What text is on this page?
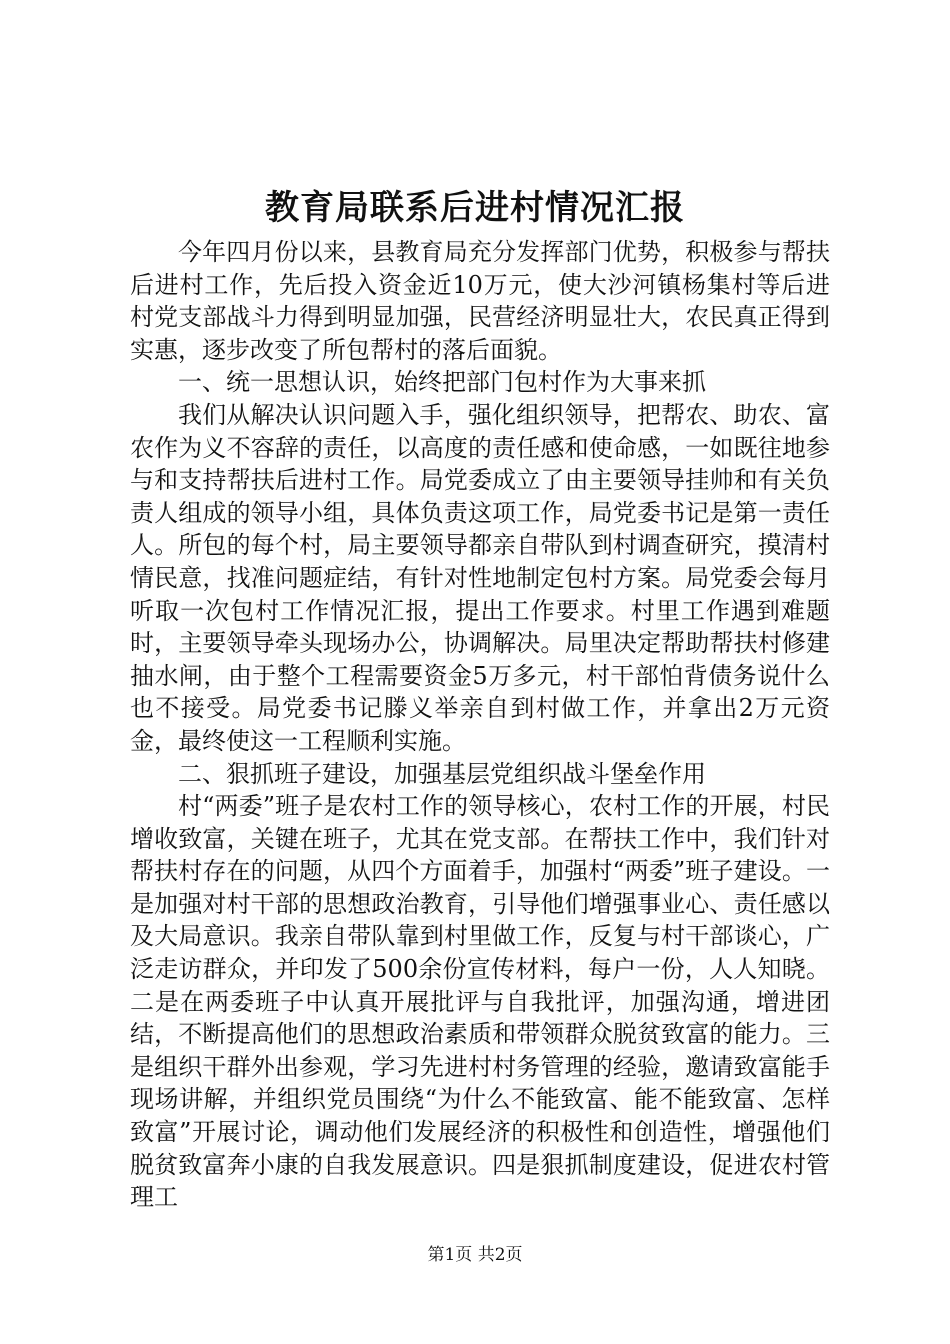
教育局联系后进村情况汇报

今年四月份以来，县教育局充分发挥部门优势，积极参与帮扶后进村工作，先后投入资金近10万元，使大沙河镇杨集村等后进村党支部战斗力得到明显加强，民营经济明显壮大，农民真正得到实惠，逐步改变了所包帮村的落后面貌。

一、统一思想认识，始终把部门包村作为大事来抓

我们从解决认识问题入手，强化组织领导，把帮农、助农、富农作为义不容辞的责任，以高度的责任感和使命感，一如既往地参与和支持帮扶后进村工作。局党委成立了由主要领导挂帅和有关负责人组成的领导小组，具体负责这项工作，局党委书记是第一责任人。所包的每个村，局主要领导都亲自带队到村调查研究，摸清村情民意，找准问题症结，有针对性地制定包村方案。局党委会每月听取一次包村工作情况汇报，提出工作要求。村里工作遇到难题时，主要领导牵头现场办公，协调解决。局里决定帮助帮扶村修建抽水闸，由于整个工程需要资金5万多元，村干部怕背债务说什么也不接受。局党委书记滕义举亲自到村做工作，并拿出2万元资金，最终使这一工程顺利实施。

二、狠抓班子建设，加强基层党组织战斗堡垒作用

村“两委”班子是农村工作的领导核心，农村工作的开展，村民增收致富，关键在班子，尤其在党支部。在帮扶工作中，我们针对帮扶村存在的问题，从四个方面着手，加强村“两委”班子建设。一是加强对村干部的思想政治教育，引导他们增强事业心、责任感以及大局意识。我亲自带队靠到村里做工作，反复与村干部谈心，广泛走访群众，并印发了500余份宣传材料，每户一份，人人知晓。二是在两委班子中认真开展批评与自我批评，加强沟通，增进团结，不断提高他们的思想政治素质和带领群众脱贫致富的能力。三是组织干群外出参观，学习先进村村务管理的经验，邀请致富能手现场讲解，并组织党员围绕“为什么不能致富、能不能致富、怎样致富”开展讨论，调动他们发展经济的积极性和创造性，增强他们脱贫致富奔小康的自我发展意识。四是狠抓制度建设，促进农村管理工

第1页 共2页
